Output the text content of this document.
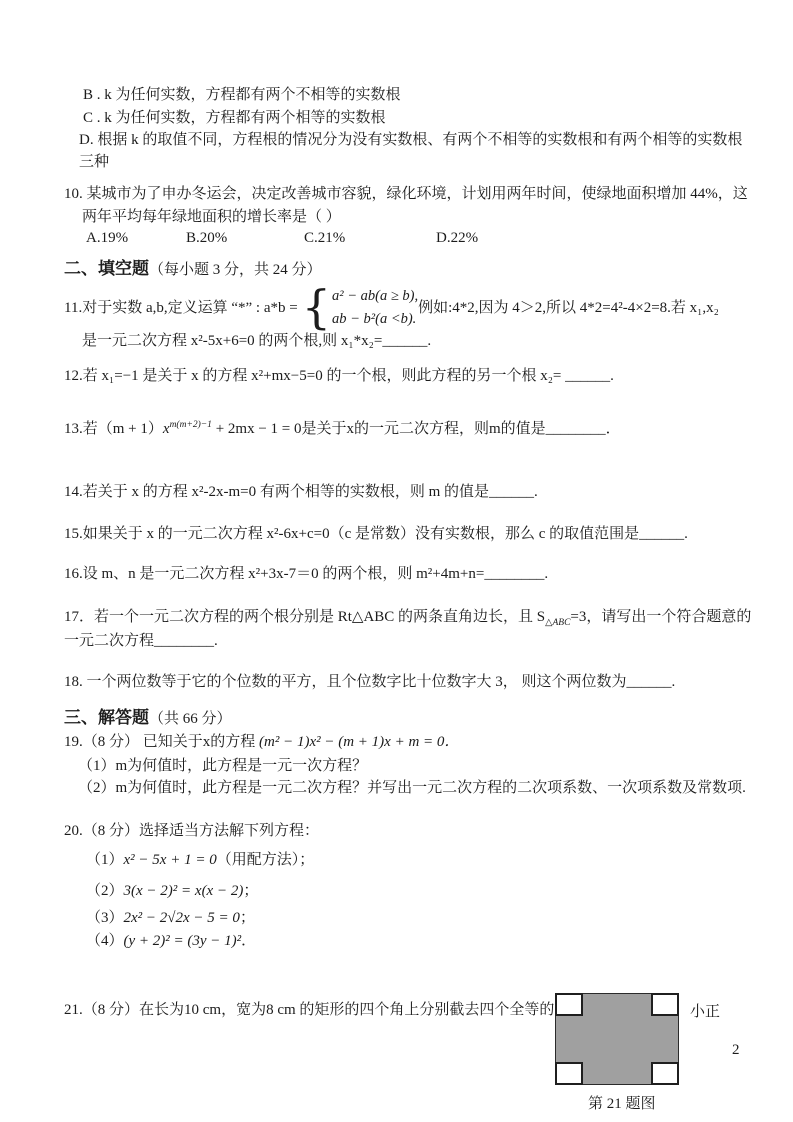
B . k 为任何实数，方程都有两个不相等的实数根
C . k 为任何实数，方程都有两个相等的实数根
D. 根据 k 的取值不同，方程根的情况分为没有实数根、有两个不相等的实数根和有两个相等的实数根
三种
10. 某城市为了申办冬运会，决定改善城市容貌，绿化环境，计划用两年时间，使绿地面积增加 44%，这
两年平均每年绿地面积的增长率是（ ）
A.19%	B.20%	C.21%	D.22%
二、填空题（每小题 3 分，共 24 分）
11.对于实数 a,b,定义运算 “*” : a*b = { a² − ab(a ≥ b),
ab − b²(a <b).
例如:4*2,因为 4＞2,所以 4*2=4²-4×2=8.若 x₁,x₂
是一元二次方程 x²-5x+6=0 的两个根,则 x₁*x₂=______.
12.若 x₁=−1 是关于 x 的方程 x²+mx−5=0 的一个根，则此方程的另一个根 x₂= ______.
13.若$(m + 1)x^{m(m+2)-1} + 2mx - 1 = 0$是关于x的一元二次方程，则m的值是________．
14.若关于 x 的方程 x²-2x-m=0 有两个相等的实数根，则 m 的值是______.
15.如果关于 x 的一元二次方程 x²-6x+c=0（c 是常数）没有实数根，那么 c 的取值范围是______.
16.设 m、n 是一元二次方程 x²+3x-7＝0 的两个根，则 m²+4m+n=________.
17．若一个一元二次方程的两个根分别是 Rt△ABC 的两条直角边长，且 $S_{\triangle ABC}=3$，请写出一个符合题意的
一元二次方程________.
18. 一个两位数等于它的个位数的平方，且个位数字比十位数字大 3， 则这个两位数为______.
三、解答题（共 66 分）
19.（8 分） 已知关于x的方程 (m² − 1)x² − (m + 1)x + m = 0．
（1）m为何值时，此方程是一元一次方程？
（2）m为何值时，此方程是一元二次方程？并写出一元二次方程的二次项系数、一次项系数及常数项.
20.（8 分）选择适当方法解下列方程：
（1）x² − 5x + 1 = 0（用配方法）；
（2）3(x − 2)² = x(x − 2)；
（3）2x² − 2√2x − 5 = 0；
（4）(y + 2)² = (3y − 1)²．
21.（8 分）在长为10 cm，宽为8 cm 的矩形的四个角上分别截去四个全等的	小正
第 21 题图
2
